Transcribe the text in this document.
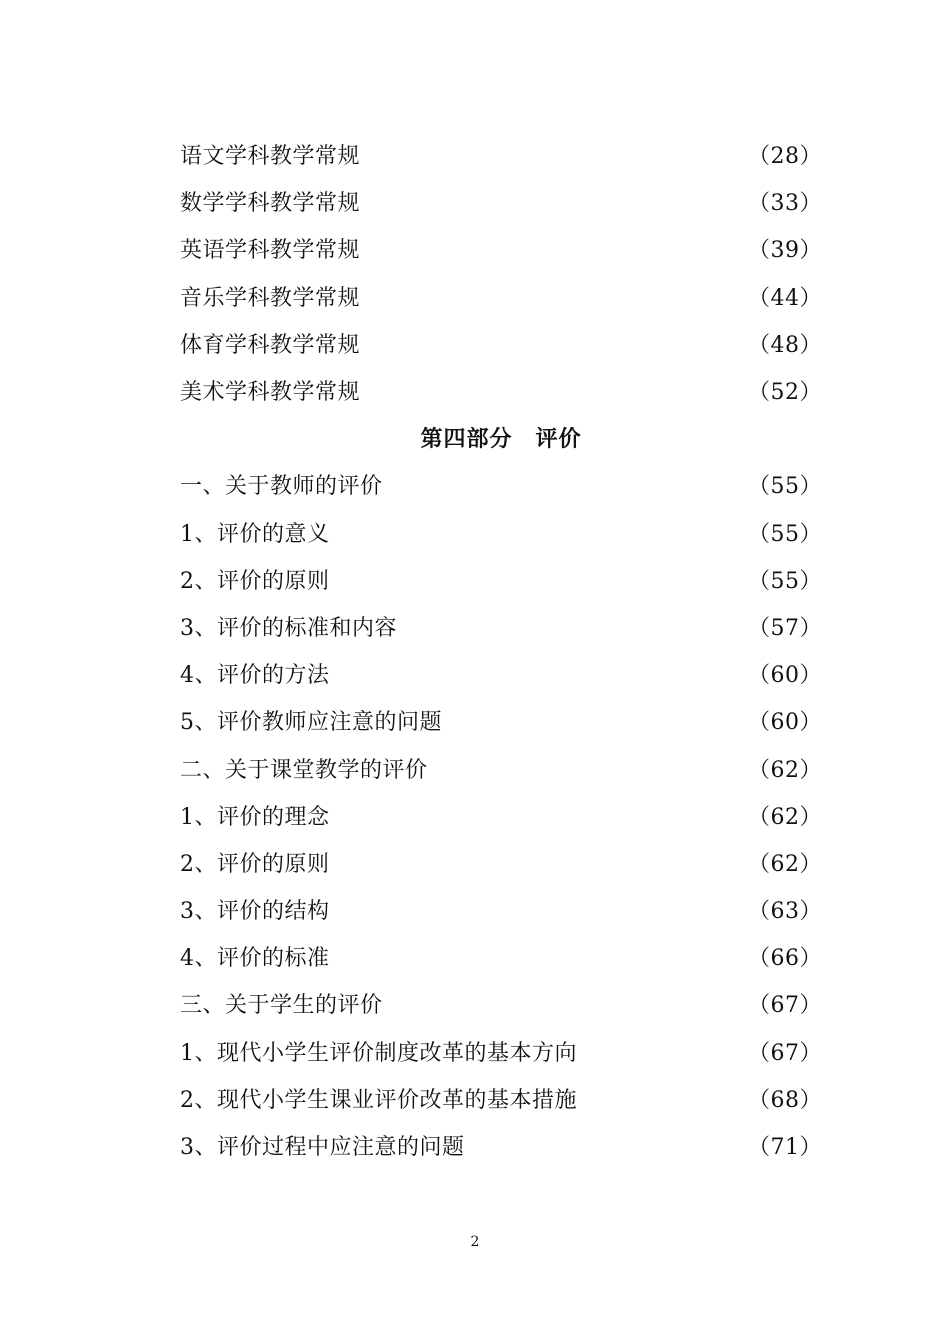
语文学科教学常规	（28）
数学学科教学常规	（33）
英语学科教学常规	（39）
音乐学科教学常规	（44）
体育学科教学常规	（48）
美术学科教学常规	（52）
第四部分　评价
一、关于教师的评价	（55）
1、评价的意义	（55）
2、评价的原则	（55）
3、评价的标准和内容	（57）
4、评价的方法	（60）
5、评价教师应注意的问题	（60）
二、关于课堂教学的评价	（62）
1、评价的理念	（62）
2、评价的原则	（62）
3、评价的结构	（63）
4、评价的标准	（66）
三、关于学生的评价	（67）
1、现代小学生评价制度改革的基本方向	（67）
2、现代小学生课业评价改革的基本措施	（68）
3、评价过程中应注意的问题	（71）
2
